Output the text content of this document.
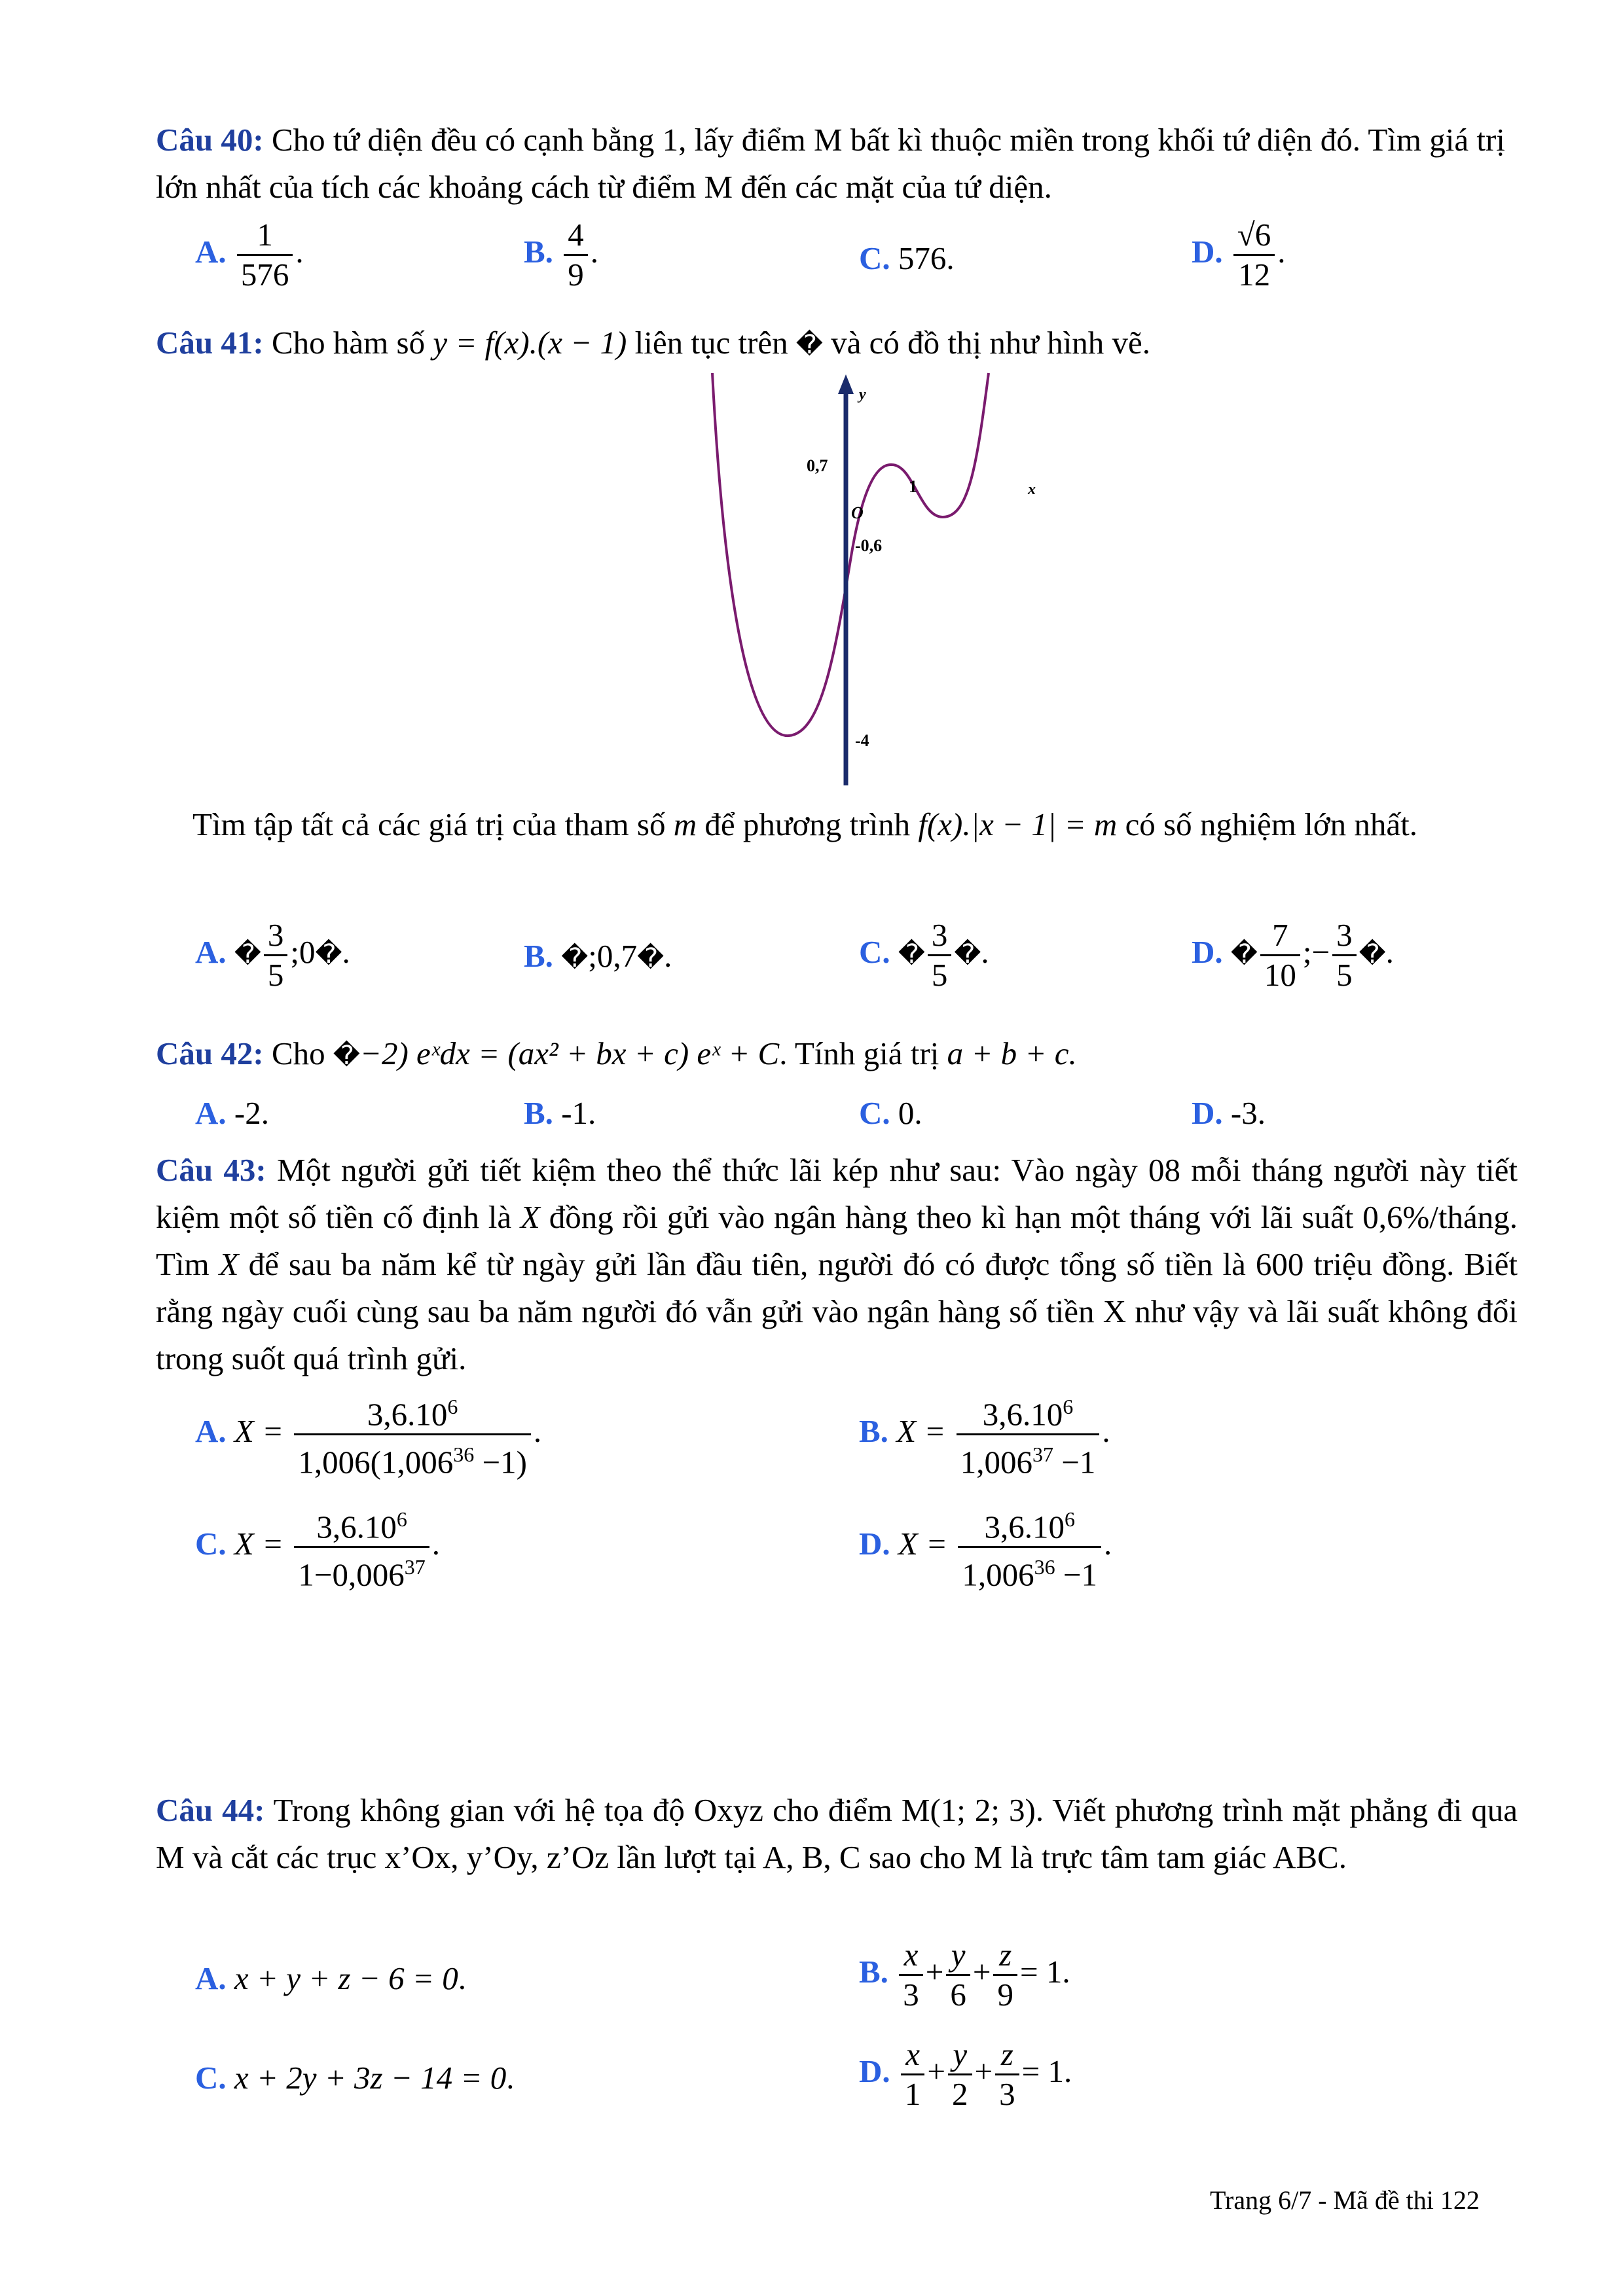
Câu 40: Cho tứ diện đều có cạnh bằng 1, lấy điểm M bất kì thuộc miền trong khối tứ diện đó. Tìm giá trị lớn nhất của tích các khoảng cách từ điểm M đến các mặt của tứ diện.
A. $\frac{1}{576}$ .	B. $\frac{4}{9}$ .	C. 576.	D. $\frac{√6}{12}$ .
Câu 41: Cho hàm số y = f(x).(x − 1) liên tục trên � và có đồ thị như hình vẽ.
y
0,7
1	x
O
-0,6
-4
Tìm tập tất cả các giá trị của tham số m để phương trình f(x).|x − 1| = m có số nghiệm lớn nhất.
A. � $\frac{3}{5}$ ;0�.	B. �;0,7�.	C. � $\frac{3}{5}$ �.	D. � $\frac{7}{10}$ ;− $\frac{3}{5}$ �.
Câu 42: Cho �−2) eˣdx = (ax² + bx + c) eˣ + C. Tính giá trị a + b + c.
A. -2.	B. -1.	C. 0.	D. -3.
Câu 43: Một người gửi tiết kiệm theo thể thức lãi kép như sau: Vào ngày 08 mỗi tháng người này tiết kiệm một số tiền cố định là X đồng rồi gửi vào ngân hàng theo kì hạn một tháng với lãi suất 0,6%/tháng. Tìm X để sau ba năm kể từ ngày gửi lần đầu tiên, người đó có được tổng số tiền là 600 triệu đồng. Biết rằng ngày cuối cùng sau ba năm người đó vẫn gửi vào ngân hàng số tiền X như vậy và lãi suất không đổi trong suốt quá trình gửi.
A. $X = \frac{3,6.10^6}{1,006(1,006^{36} -1)}$ .	B. $X = \frac{3,6.10^6}{1,006^{37} -1}$ .
C. $X = \frac{3,6.10^6}{1-0,006^{37}}$ .	D. $X = \frac{3,6.10^6}{1,006^{36} -1}$ .
Câu 44: Trong không gian với hệ tọa độ Oxyz cho điểm M(1; 2; 3). Viết phương trình mặt phẳng đi qua M và cắt các trục x’Ox, y’Oy, z’Oz lần lượt tại A, B, C sao cho M là trực tâm tam giác ABC.
A. x + y + z − 6 = 0.	B. $\frac{x}{3} + \frac{y}{6} + \frac{z}{9} = 1$.
C. x + 2y + 3z − 14 = 0.	D. $\frac{x}{1} + \frac{y}{2} + \frac{z}{3} = 1$.
Trang 6/7 - Mã đề thi 122
